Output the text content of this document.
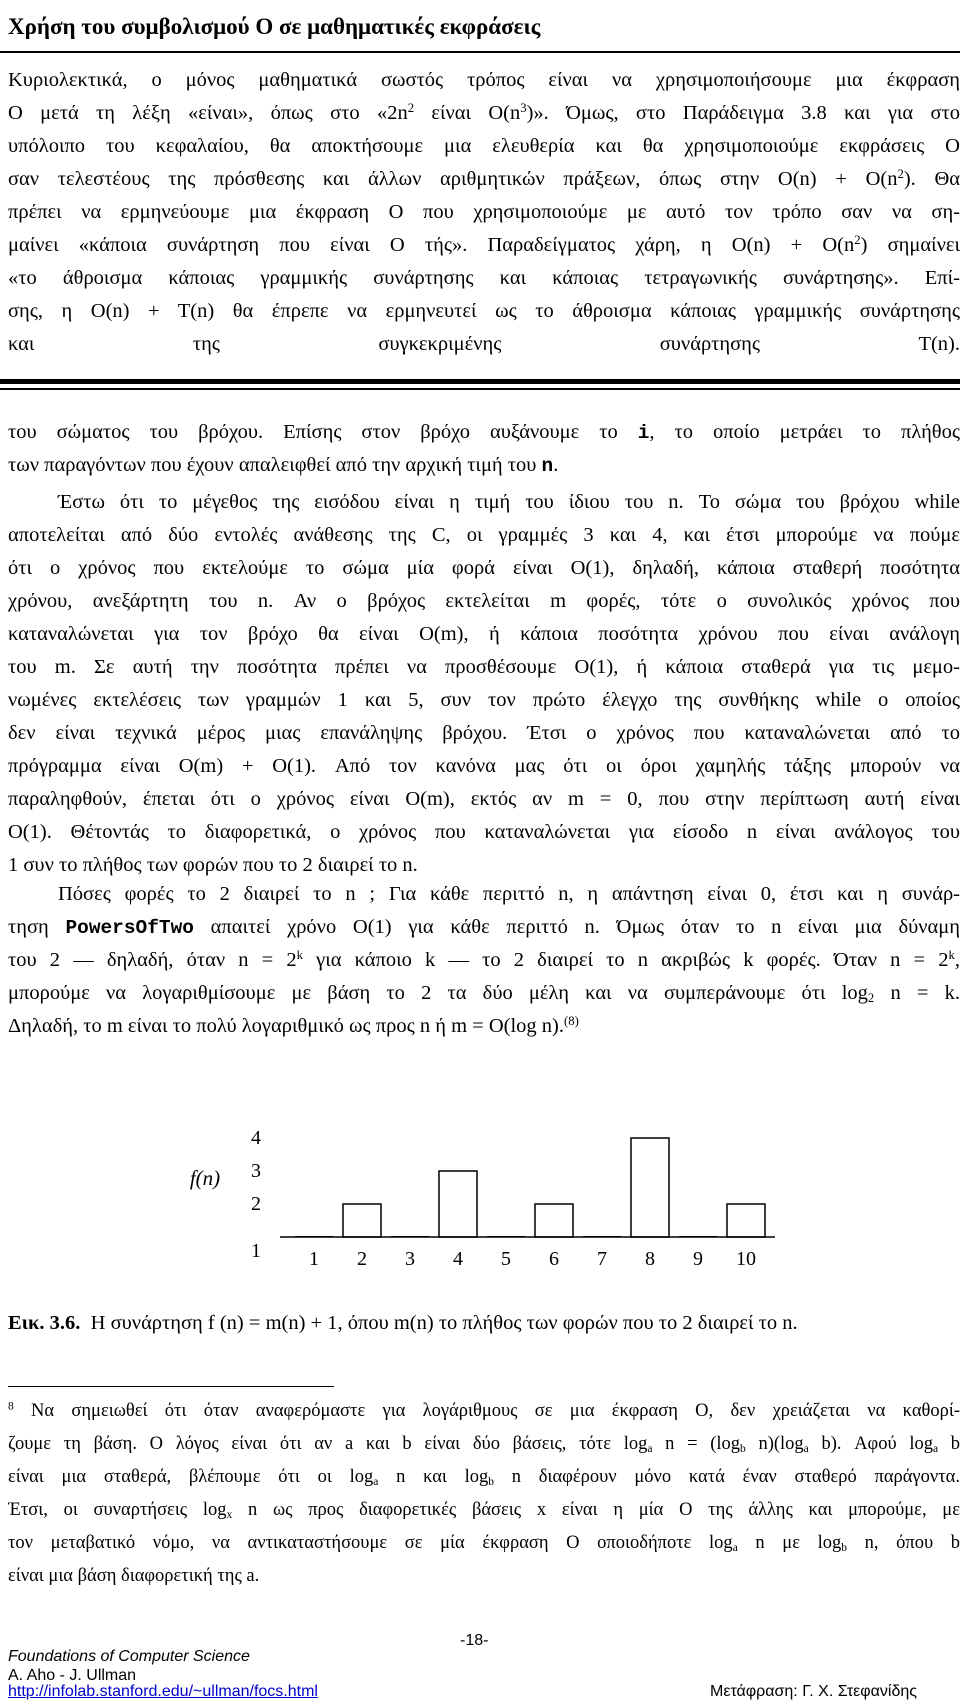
Χρήση του συμβολισμού O σε μαθηματικές εκφράσεις
Κυριολεκτικά, ο μόνος μαθηματικά σωστός τρόπος είναι να χρησιμοποιήσουμε μια έκφραση
O μετά τη λέξη «είναι», όπως στο «$2n^2$ είναι $O(n^3)$». Όμως, στο Παράδειγμα 3.8 και για στο
υπόλοιπο του κεφαλαίου, θα αποκτήσουμε μια ελευθερία και θα χρησιμοποιούμε εκφράσεις O
σαν τελεστέους της πρόσθεσης και άλλων αριθμητικών πράξεων, όπως στην $O(n) + O(n^2)$. Θα
πρέπει να ερμηνεύουμε μια έκφραση O που χρησιμοποιούμε με αυτό τον τρόπο σαν να ση-
μαίνει «κάποια συνάρτηση που είναι O τής». Παραδείγματος χάρη, η $O(n) + O(n^2)$ σημαίνει
«το άθροισμα κάποιας γραμμικής συνάρτησης και κάποιας τετραγωνικής συνάρτησης». Επί-
σης, η O(n) + T(n) θα έπρεπε να ερμηνευτεί ως το άθροισμα κάποιας γραμμικής συνάρτησης
και της συγκεκριμένης συνάρτησης T(n).
του σώματος του βρόχου. Επίσης στον βρόχο αυξάνουμε το i, το οποίο μετράει το πλήθος
των παραγόντων που έχουν απαλειφθεί από την αρχική τιμή του n.
Έστω ότι το μέγεθος της εισόδου είναι η τιμή του ίδιου του n. Το σώμα του βρόχου while
αποτελείται από δύο εντολές ανάθεσης της C, οι γραμμές 3 και 4, και έτσι μπορούμε να πούμε
ότι ο χρόνος που εκτελούμε το σώμα μία φορά είναι O(1), δηλαδή, κάποια σταθερή ποσότητα
χρόνου, ανεξάρτητη του n. Αν ο βρόχος εκτελείται m φορές, τότε ο συνολικός χρόνος που
καταναλώνεται για τον βρόχο θα είναι O(m), ή κάποια ποσότητα χρόνου που είναι ανάλογη
του m. Σε αυτή την ποσότητα πρέπει να προσθέσουμε O(1), ή κάποια σταθερά για τις μεμο-
νωμένες εκτελέσεις των γραμμών 1 και 5, συν τον πρώτο έλεγχο της συνθήκης while ο οποίος
δεν είναι τεχνικά μέρος μιας επανάληψης βρόχου. Έτσι ο χρόνος που καταναλώνεται από το
πρόγραμμα είναι O(m) + O(1). Από τον κανόνα μας ότι οι όροι χαμηλής τάξης μπορούν να
παραληφθούν, έπεται ότι ο χρόνος είναι O(m), εκτός αν m = 0, που στην περίπτωση αυτή είναι
O(1). Θέτοντάς το διαφορετικά, ο χρόνος που καταναλώνεται για είσοδο n είναι ανάλογος του
1 συν το πλήθος των φορών που το 2 διαιρεί το n.
Πόσες φορές το 2 διαιρεί το n ; Για κάθε περιττό n, η απάντηση είναι 0, έτσι και η συνάρ-
τηση PowersOfTwo απαιτεί χρόνο O(1) για κάθε περιττό n. Όμως όταν το n είναι μια δύναμη
του 2 — δηλαδή, όταν $n = 2^k$ για κάποιο k — το 2 διαιρεί το n ακριβώς k φορές. Όταν $n = 2^k$,
μπορούμε να λογαριθμίσουμε με βάση το 2 τα δύο μέλη και να συμπεράνουμε ότι $\log_2 n = k$.
Δηλαδή, το m είναι το πολύ λογαριθμικό ως προς n ή m = O(log n).$^{(8)}$
1
2
3
4
f(n)
1 2 3 4 5 6 7 8 9 10
Εικ. 3.6. Η συνάρτηση f (n) = m(n) + 1, όπου m(n) το πλήθος των φορών που το 2 διαιρεί το n.
$^8$ Να σημειωθεί ότι όταν αναφερόμαστε για λογάριθμους σε μια έκφραση O, δεν χρειάζεται να καθορί-
ζουμε τη βάση. Ο λόγος είναι ότι αν a και b είναι δύο βάσεις, τότε $\log_a n = (\log_b$ $n)(\log_a$ b). Αφού $\log_a b$
είναι μια σταθερά, βλέπουμε ότι οι $\log_a n$ και $\log_b n$ διαφέρουν μόνο κατά έναν σταθερό παράγοντα.
Έτσι, οι συναρτήσεις $\log_x n$ ως προς διαφορετικές βάσεις x είναι η μία O της άλλης και μπορούμε, με
τον μεταβατικό νόμο, να αντικαταστήσουμε σε μία έκφραση O οποιοδήποτε $\log_a n$ με $\log_b n$, όπου b
είναι μια βάση διαφορετική της a.
-18-
Foundations of Computer Science
A. Aho - J. Ullman
http://infolab.stanford.edu/~ullman/focs.html	Μετάφραση: Γ. Χ. Στεφανίδης
